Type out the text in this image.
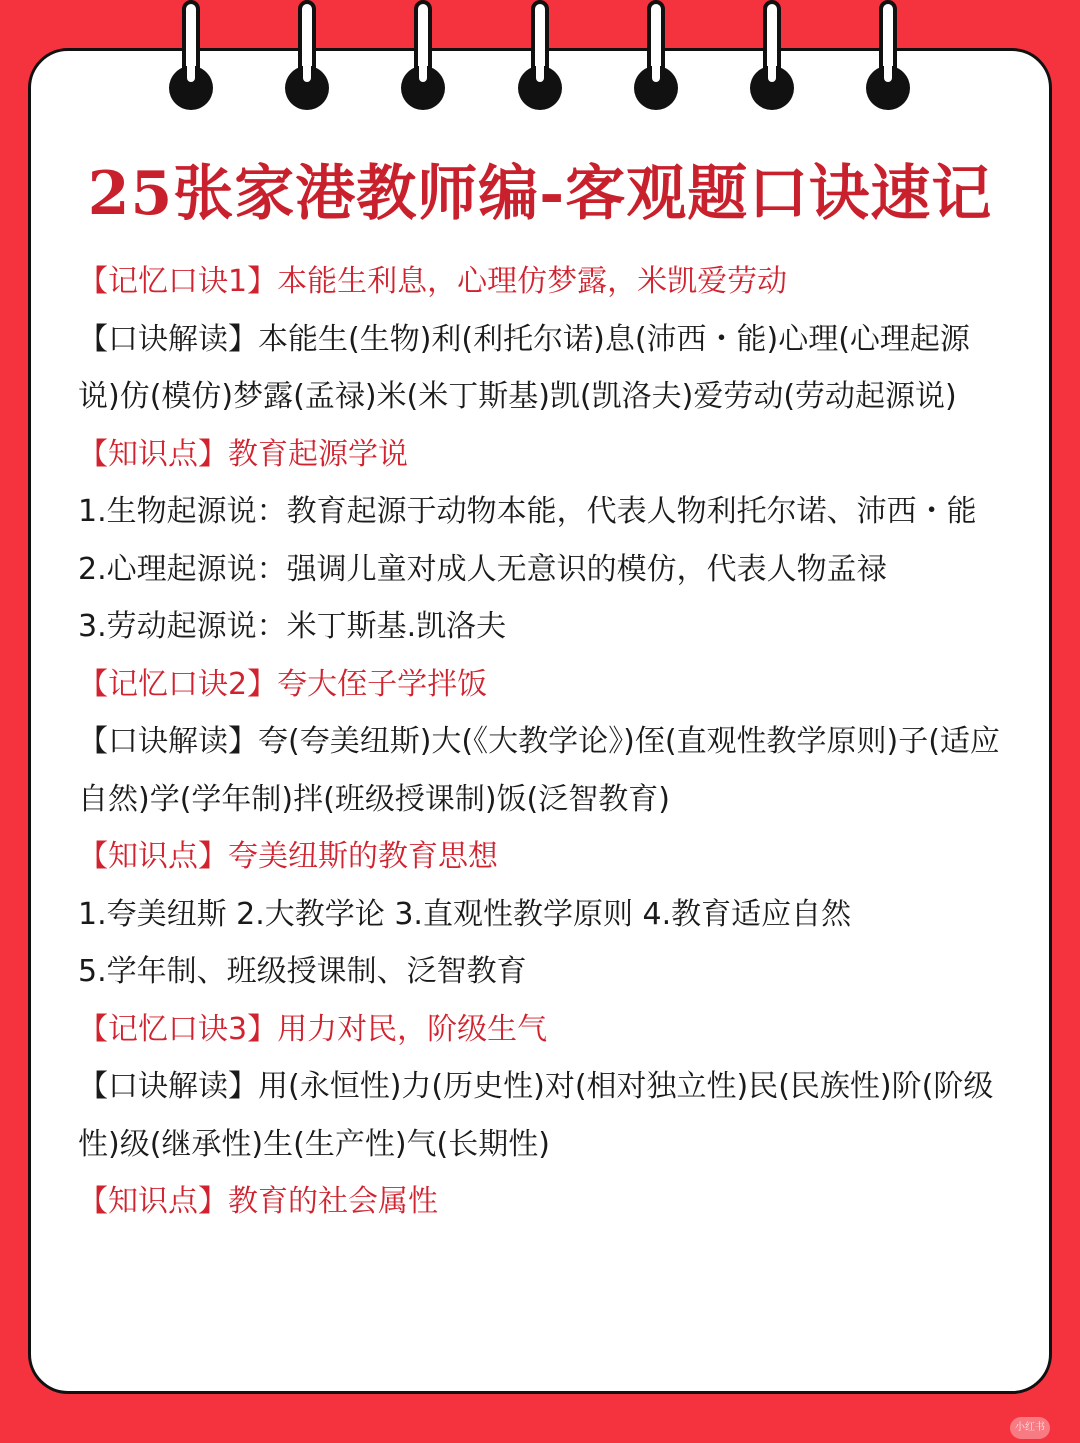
25张家港教师编-客观题口诀速记

【记忆口诀1】本能生利息，心理仿梦露，米凯爱劳动

【口诀解读】本能生(生物)利(利托尔诺)息(沛西・能)心理(心理起源说)仿(模仿)梦露(孟禄)米(米丁斯基)凯(凯洛夫)爱劳动(劳动起源说)

【知识点】教育起源学说

1.生物起源说：教育起源于动物本能，代表人物利托尔诺、沛西・能

2.心理起源说：强调儿童对成人无意识的模仿，代表人物孟禄

3.劳动起源说：米丁斯基.凯洛夫

【记忆口诀2】夸大侄子学拌饭

【口诀解读】夸(夸美纽斯)大(《大教学论》)侄(直观性教学原则)子(适应自然)学(学年制)拌(班级授课制)饭(泛智教育)

【知识点】夸美纽斯的教育思想

1.夸美纽斯 2.大教学论 3.直观性教学原则 4.教育适应自然

5.学年制、班级授课制、泛智教育

【记忆口诀3】用力对民，阶级生气

【口诀解读】用(永恒性)力(历史性)对(相对独立性)民(民族性)阶(阶级性)级(继承性)生(生产性)气(长期性)

【知识点】教育的社会属性

小红书
